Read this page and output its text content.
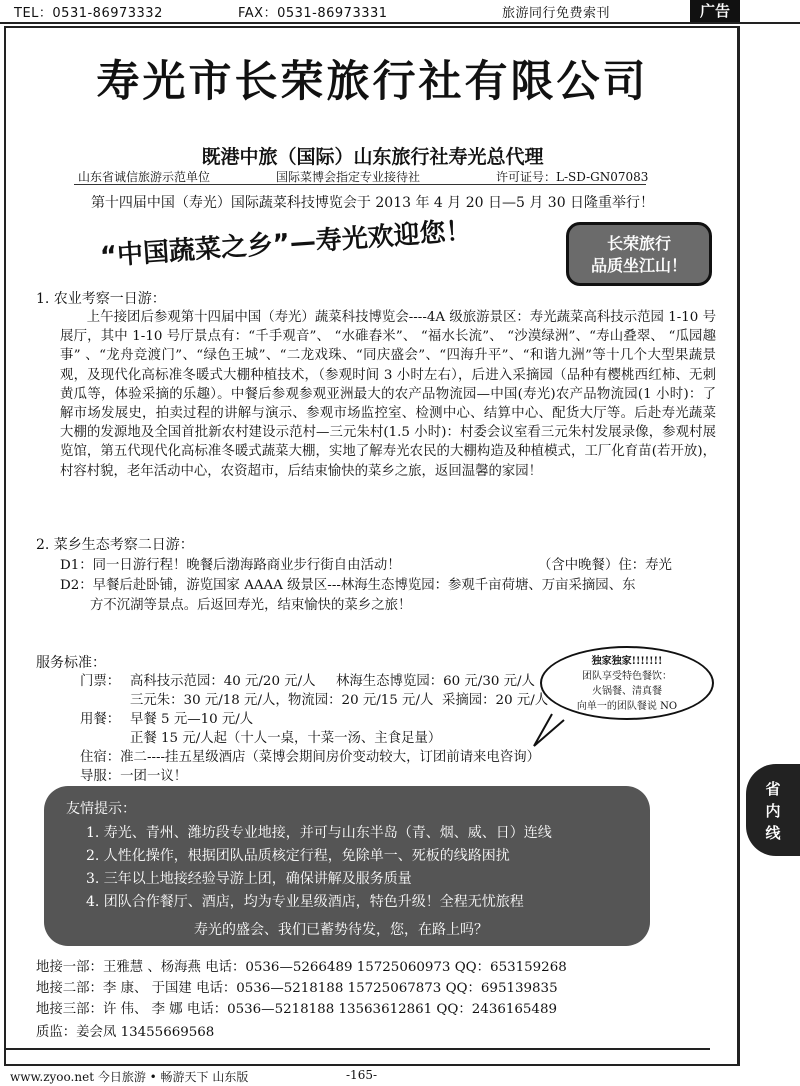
TEL：0531-86973332	FAX：0531-86973331	旅游同行免费索刊	广告
寿光市长荣旅行社有限公司
既港中旅（国际）山东旅行社寿光总代理
山东省诚信旅游示范单位	国际菜博会指定专业接待社	许可证号：L-SD-GN07083
第十四届中国（寿光）国际蔬菜科技博览会于 2013 年 4 月 20 日—5 月 30 日隆重举行！
“中国蔬菜之乡”—寿光欢迎您！	长荣旅行
品质坐江山！
1. 农业考察一日游：
上午接团后参观第十四届中国（寿光）蔬菜科技博览会----4A 级旅游景区：寿光蔬菜高科技示范园 1-10 号展厅，其中 1-10 号厅景点有：“千手观音”、 “水碓舂米”、 “福水长流”、 “沙漠绿洲”、“寿山叠翠、 “瓜园趣事” 、“龙舟竞渡门”、“绿色王城”、“二龙戏珠、“同庆盛会”、“四海升平”、“和谐九洲”等十几个大型果蔬景观，及现代化高标准冬暖式大棚种植技术，（参观时间 3 小时左右），后进入采摘园（品种有樱桃西红柿、无刺黄瓜等，体验采摘的乐趣）。中餐后参观参观亚洲最大的农产品物流园—中国(寿光)农产品物流园(1 小时)：了解市场发展史，拍卖过程的讲解与演示、参观市场监控室、检测中心、结算中心、配货大厅等。后赴寿光蔬菜大棚的发源地及全国首批新农村建设示范村—三元朱村(1.5 小时)：村委会议室看三元朱村发展录像，参观村展览馆，第五代现代化高标准冬暖式蔬菜大棚，实地了解寿光农民的大棚构造及种植模式，工厂化育苗(若开放)，村容村貌，老年活动中心，农资超市，后结束愉快的菜乡之旅，返回温馨的家园！
2. 菜乡生态考察二日游：
D1：同一日游行程！晚餐后渤海路商业步行街自由活动！	（含中晚餐）住：寿光
D2：早餐后赴卧铺，游览国家 AAAA 级景区---林海生态博览园：参观千亩荷塘、万亩采摘园、东
方不沉湖等景点。后返回寿光，结束愉快的菜乡之旅！
服务标准：
门票： 高科技示范园：40 元/20 元/人 林海生态博览园：60 元/30 元/人
三元朱：30 元/18 元/人， 物流园：20 元/15 元/人 采摘园：20 元/人
用餐： 早餐 5 元—10 元/人
正餐 15 元/人起（十人一桌，十菜一汤、主食足量）
住宿：准二----挂五星级酒店（菜博会期间房价变动较大，订团前请来电咨询）
导服：一团一议！
独家独家!!!!!!!
团队享受特色餐饮：
火锅餐、清真餐
向单一的团队餐说 NO
友情提示：
1. 寿光、青州、潍坊段专业地接，并可与山东半岛（青、烟、威、日）连线
2. 人性化操作，根据团队品质核定行程，免除单一、死板的线路困扰
3. 三年以上地接经验导游上团，确保讲解及服务质量
4. 团队合作餐厅、酒店，均为专业星级酒店，特色升级！全程无忧旅程
寿光的盛会、我们已蓄势待发，您，在路上吗？
地接一部：王雅慧 、杨海燕 电话：0536—5266489 15725060973 QQ：653159268
地接二部：李 康、 于国建 电话：0536—5218188 15725067873 QQ：695139835
地接三部：许 伟、 李 娜 电话：0536—5218188 13563612861 QQ：2436165489
质监：姜会凤 13455669568
省
内
线
www.zyoo.net 今日旅游 • 畅游天下 山东版	-165-
